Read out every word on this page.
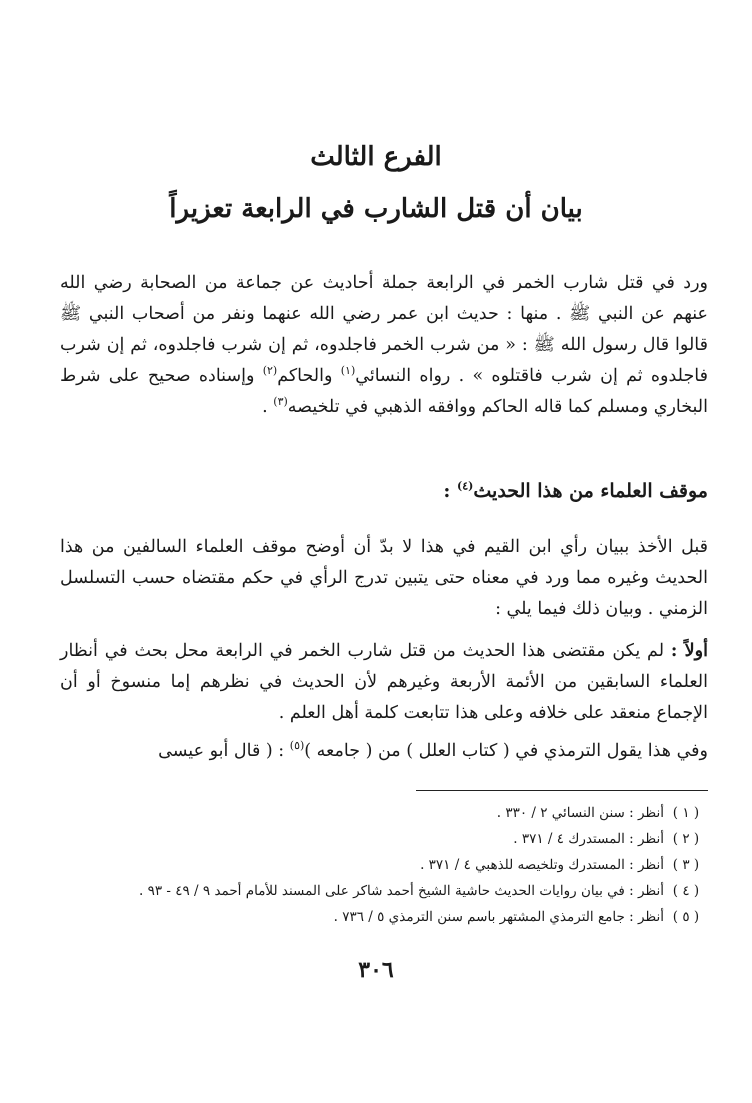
الفرع الثالث
بيان أن قتل الشارب في الرابعة تعزيراً
ورد في قتل شارب الخمر في الرابعة جملة أحاديث عن جماعة من الصحابة رضي الله عنهم عن النبي ﷺ . منها : حديث ابن عمر رضي الله عنهما ونفر من أصحاب النبي ﷺ قالوا قال رسول الله ﷺ : « من شرب الخمر فاجلدوه، ثم إن شرب فاجلدوه، ثم إن شرب فاجلدوه ثم إن شرب فاقتلوه » . رواه النسائي$^{(١)}$ والحاكم$^{(٢)}$ وإسناده صحيح على شرط البخاري ومسلم كما قاله الحاكم ووافقه الذهبي في تلخيصه$^{(٣)}$ .
موقف العلماء من هذا الحديث$^{(٤)}$ :
قبل الأخذ ببيان رأي ابن القيم في هذا لا بدّ أن أوضح موقف العلماء السالفين من هذا الحديث وغيره مما ورد في معناه حتى يتبين تدرج الرأي في حكم مقتضاه حسب التسلسل الزمني . وبيان ذلك فيما يلي :
أولاً : لم يكن مقتضى هذا الحديث من قتل شارب الخمر في الرابعة محل بحث في أنظار العلماء السابقين من الأئمة الأربعة وغيرهم لأن الحديث في نظرهم إما منسوخ أو أن الإجماع منعقد على خلافه وعلى هذا تتابعت كلمة أهل العلم .
وفي هذا يقول الترمذي في ( كتاب العلل ) من ( جامعه )$^{(٥)}$ : ( قال أبو عيسى
( ١ )
أنظر : سنن النسائي ٢ / ٣٣٠ .
( ٢ )
أنظر : المستدرك ٤ / ٣٧١ .
( ٣ )
أنظر : المستدرك وتلخيصه للذهبي ٤ / ٣٧١ .
( ٤ )
أنظر : في بيان روايات الحديث حاشية الشيخ أحمد شاكر على المسند للأمام أحمد ٩ / ٤٩ - ٩٣ .
( ٥ )
أنظر : جامع الترمذي المشتهر باسم سنن الترمذي ٥ / ٧٣٦ .
٣٠٦
